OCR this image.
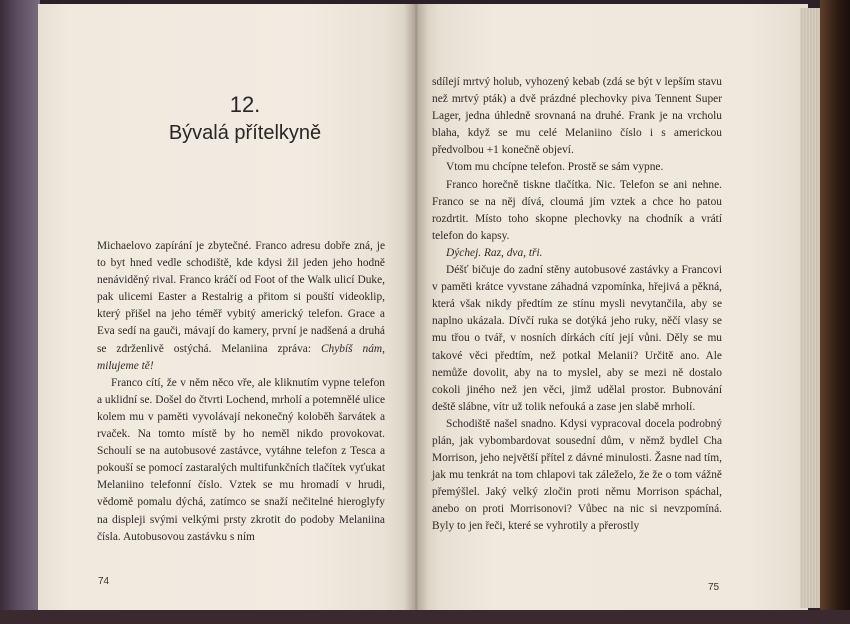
12.
Bývalá přítelkyně

Michaelovo zapírání je zbytečné. Franco adresu dobře zná, je to byt hned vedle schodiště, kde kdysi žil jeden jeho hodně nenáviděný rival. Franco kráčí od Foot of the Walk ulicí Duke, pak ulicemi Easter a Restalrig a přitom si pouští videoklip, který přišel na jeho téměř vybitý americký telefon. Grace a Eva sedí na gauči, mávají do kamery, první je nadšená a druhá se zdrženlivě ostýchá. Melaniina zpráva: Chybíš nám, milujeme tě!

Franco cítí, že v něm něco vře, ale kliknutím vypne telefon a uklidní se. Došel do čtvrti Lochend, mrholí a potemnělé ulice kolem mu v paměti vyvolávají nekonečný koloběh šarvátek a rvaček. Na tomto místě by ho neměl nikdo provokovat. Schoulí se na autobusové zastávce, vytáhne telefon z Tesca a pokouší se pomocí zastaralých multifunkčních tlačítek vyťukat Melaniino telefonní číslo. Vztek se mu hromadí v hrudi, vědomě pomalu dýchá, zatímco se snaží nečitelné hieroglyfy na displeji svými velkými prsty zkrotit do podoby Melaniina čísla. Autobusovou zastávku s ním

74

sdílejí mrtvý holub, vyhozený kebab (zdá se být v lepším stavu než mrtvý pták) a dvě prázdné plechovky piva Tennent Super Lager, jedna úhledně srovnaná na druhé. Frank je na vrcholu blaha, když se mu celé Melaniino číslo i s americkou předvolbou +1 konečně objeví.

Vtom mu chcípne telefon. Prostě se sám vypne.

Franco horečně tiskne tlačítka. Nic. Telefon se ani nehne. Franco se na něj dívá, cloumá jím vztek a chce ho patou rozdrtit. Místo toho skopne plechovky na chodník a vrátí telefon do kapsy.

Dýchej. Raz, dva, tři.

Déšť bičuje do zadní stěny autobusové zastávky a Francovi v paměti krátce vyvstane záhadná vzpomínka, hřejivá a pěkná, která však nikdy předtím ze stínu mysli nevytančila, aby se naplno ukázala. Dívčí ruka se dotýká jeho ruky, něčí vlasy se mu třou o tvář, v nosních dírkách cítí její vůni. Děly se mu takové věci předtím, než potkal Melanii? Určitě ano. Ale nemůže dovolit, aby na to myslel, aby se mezi ně dostalo cokoli jiného než jen věci, jimž udělal prostor. Bubnování deště slábne, vítr už tolik nefouká a zase jen slabě mrholí.

Schodiště našel snadno. Kdysi vypracoval docela podrobný plán, jak vybombardovat sousední dům, v němž bydlel Cha Morrison, jeho největší přítel z dávné minulosti. Žasne nad tím, jak mu tenkrát na tom chlapovi tak záleželo, že že o tom vážně přemýšlel. Jaký velký zločin proti němu Morrison spáchal, anebo on proti Morrisonovi? Vůbec na nic si nevzpomíná. Byly to jen řeči, které se vyhrotily a přerostly

75
